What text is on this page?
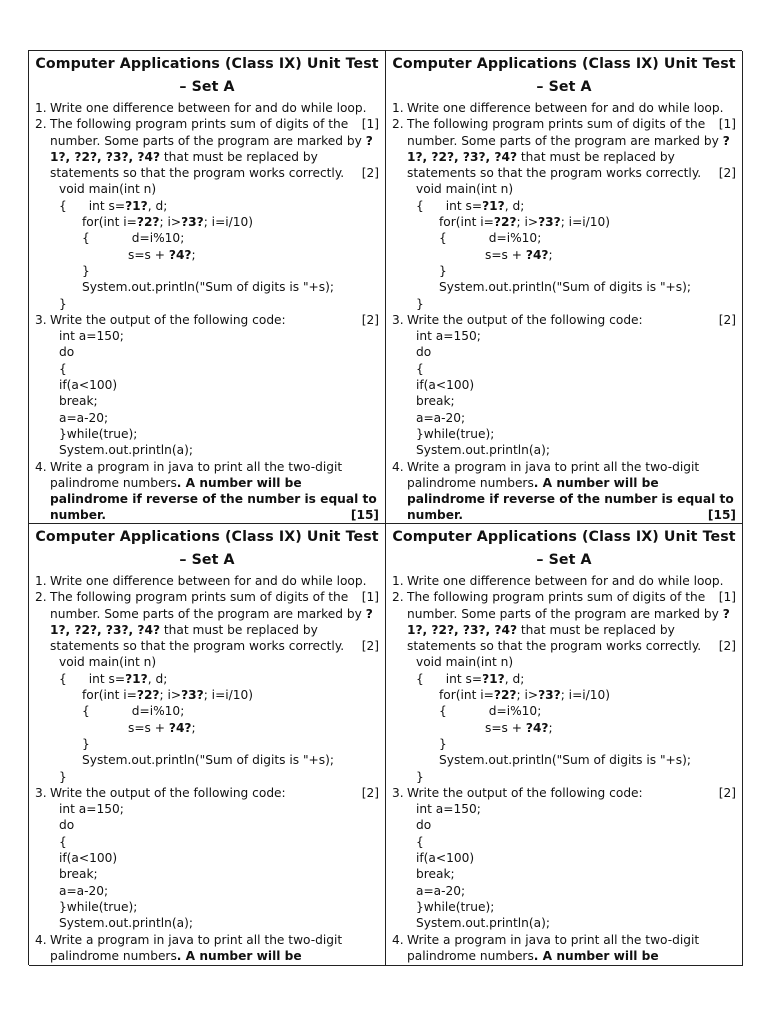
Computer Applications (Class IX) Unit Test
– Set A
1. Write one difference between for and do while loop.
[1]
2. The following program prints sum of digits of the number. Some parts of the program are marked by ?1?, ?2?, ?3?, ?4? that must be replaced by statements so that the program works correctly. [2]
void main(int n)
{ int s=?1?, d;
for(int i=?2?; i>?3?; i=i/10)
{	d=i%10;
s=s + ?4?;
}
System.out.println("Sum of digits is "+s);
}
3. Write the output of the following code:	[2]
int a=150;
do
{
if(a<100)
break;
a=a-20;
}while(true);
System.out.println(a);
4. Write a program in java to print all the two-digit palindrome numbers. A number will be palindrome if reverse of the number is equal to number.	[15]
Computer Applications (Class IX) Unit Test
– Set A
1. Write one difference between for and do while loop.
[1]
2. The following program prints sum of digits of the number. Some parts of the program are marked by ?1?, ?2?, ?3?, ?4? that must be replaced by statements so that the program works correctly. [2]
void main(int n)
{ int s=?1?, d;
for(int i=?2?; i>?3?; i=i/10)
{	d=i%10;
s=s + ?4?;
}
System.out.println("Sum of digits is "+s);
}
3. Write the output of the following code:	[2]
int a=150;
do
{
if(a<100)
break;
a=a-20;
}while(true);
System.out.println(a);
4. Write a program in java to print all the two-digit palindrome numbers. A number will be palindrome if reverse of the number is equal to number.	[15]
Computer Applications (Class IX) Unit Test
– Set A
1. Write one difference between for and do while loop.
[1]
2. The following program prints sum of digits of the number. Some parts of the program are marked by ?1?, ?2?, ?3?, ?4? that must be replaced by statements so that the program works correctly. [2]
void main(int n)
{ int s=?1?, d;
for(int i=?2?; i>?3?; i=i/10)
{	d=i%10;
s=s + ?4?;
}
System.out.println("Sum of digits is "+s);
}
3. Write the output of the following code:	[2]
int a=150;
do
{
if(a<100)
break;
a=a-20;
}while(true);
System.out.println(a);
4. Write a program in java to print all the two-digit palindrome numbers. A number will be
Computer Applications (Class IX) Unit Test
– Set A
1. Write one difference between for and do while loop.
[1]
2. The following program prints sum of digits of the number. Some parts of the program are marked by ?1?, ?2?, ?3?, ?4? that must be replaced by statements so that the program works correctly. [2]
void main(int n)
{ int s=?1?, d;
for(int i=?2?; i>?3?; i=i/10)
{	d=i%10;
s=s + ?4?;
}
System.out.println("Sum of digits is "+s);
}
3. Write the output of the following code:	[2]
int a=150;
do
{
if(a<100)
break;
a=a-20;
}while(true);
System.out.println(a);
4. Write a program in java to print all the two-digit palindrome numbers. A number will be
